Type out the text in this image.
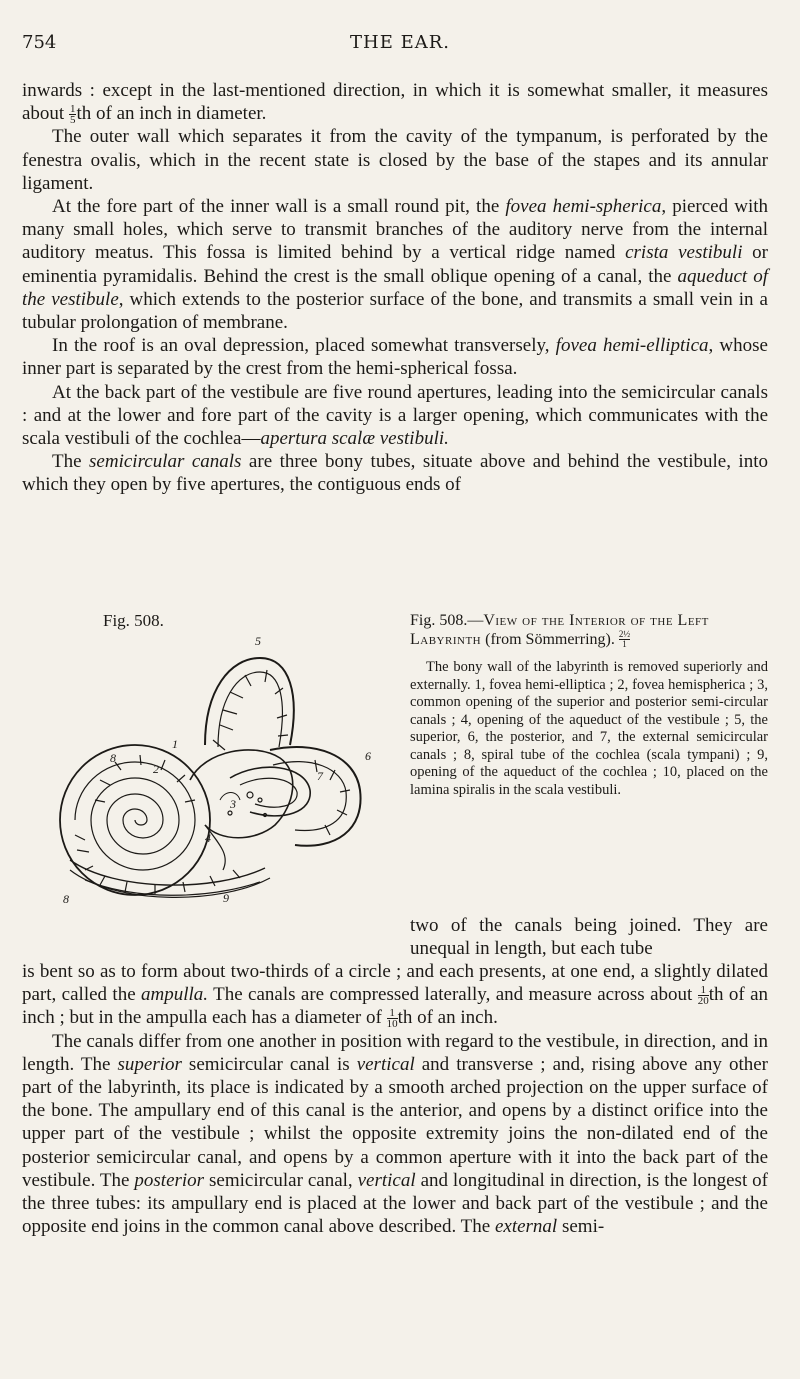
754	THE EAR.

inwards : except in the last-mentioned direction, in which it is somewhat smaller, it measures about $\frac{1}{5}$ th of an inch in diameter.

The outer wall which separates it from the cavity of the tympanum, is perforated by the fenestra ovalis, which in the recent state is closed by the base of the stapes and its annular ligament.

At the fore part of the inner wall is a small round pit, the fovea hemi-spherica, pierced with many small holes, which serve to transmit branches of the auditory nerve from the internal auditory meatus. This fossa is limited behind by a vertical ridge named crista vestibuli or eminentia pyramidalis. Behind the crest is the small oblique opening of a canal, the aqueduct of the vestibule, which extends to the posterior surface of the bone, and transmits a small vein in a tubular prolongation of membrane.

In the roof is an oval depression, placed somewhat transversely, fovea hemi-elliptica, whose inner part is separated by the crest from the hemi-spherical fossa.

At the back part of the vestibule are five round apertures, leading into the semicircular canals : and at the lower and fore part of the cavity is a larger opening, which communicates with the scala vestibuli of the cochlea—apertura scalæ vestibuli.

The semicircular canals are three bony tubes, situate above and behind the vestibule, into which they open by five apertures, the contiguous ends of

Fig. 508.
5
6
7
1
2
3
4
8
8	9

Fig. 508.—View of the Interior of the Left Labyrinth (from Sömmerring). $\frac{\text{2½}}{1}$

The bony wall of the labyrinth is removed superiorly and externally. 1, fovea hemi-elliptica ; 2, fovea hemispherica ; 3, common opening of the superior and posterior semi-circular canals ; 4, opening of the aqueduct of the vestibule ; 5, the superior, 6, the posterior, and 7, the external semicircular canals ; 8, spiral tube of the cochlea (scala tympani) ; 9, opening of the aqueduct of the cochlea ; 10, placed on the lamina spiralis in the scala vestibuli.

two of the canals being joined. They are unequal in length, but each tube

is bent so as to form about two-thirds of a circle ; and each presents, at one end, a slightly dilated part, called the ampulla. The canals are compressed laterally, and measure across about $\frac{1}{20}$ th of an inch ; but in the ampulla each has a diameter of $\frac{1}{10}$ th of an inch.

The canals differ from one another in position with regard to the vestibule, in direction, and in length. The superior semicircular canal is vertical and transverse ; and, rising above any other part of the labyrinth, its place is indicated by a smooth arched projection on the upper surface of the bone. The ampullary end of this canal is the anterior, and opens by a distinct orifice into the upper part of the vestibule ; whilst the opposite extremity joins the non-dilated end of the posterior semicircular canal, and opens by a common aperture with it into the back part of the vestibule. The posterior semicircular canal, vertical and longitudinal in direction, is the longest of the three tubes: its ampullary end is placed at the lower and back part of the vestibule ; and the opposite end joins in the common canal above described. The external semi-
